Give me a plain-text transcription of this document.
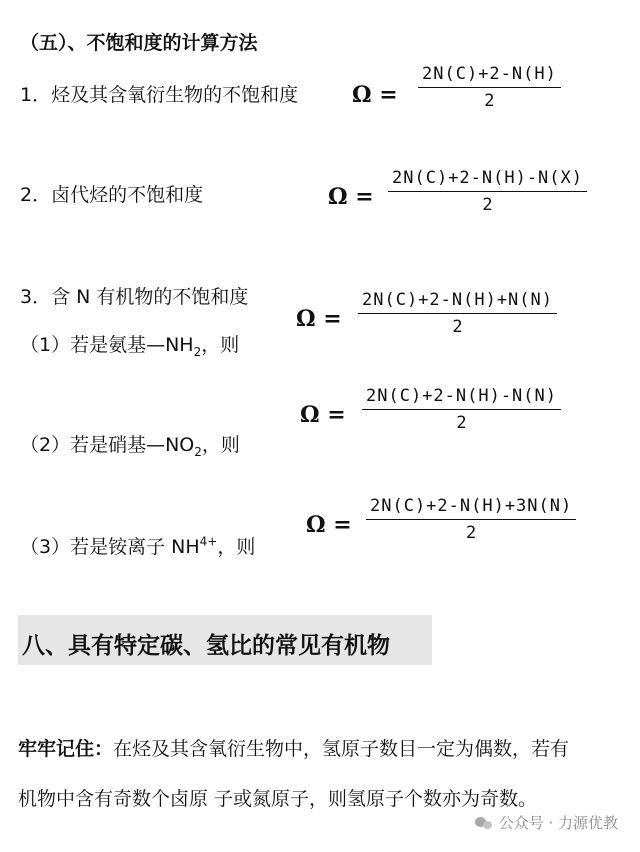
（五）、不饱和度的计算方法
1．烃及其含氧衍生物的不饱和度 Ω =
2N(C)+2-N(H)
2
2．卤代烃的不饱和度	Ω =
2N(C)+2-N(H)-N(X)
2
3．含 N 有机物的不饱和度
（1）若是氨基$—NH_2$，则
Ω =
2N(C)+2-N(H)+N(N)
2
（2）若是硝基$—NO_2$，则
Ω =
2N(C)+2-N(H)-N(N)
2
（3）若是铵离子 $NH^{4+}$，则
Ω =
2N(C)+2-N(H)+3N(N)
2
八、具有特定碳、氢比的常见有机物
牢牢记住：在烃及其含氧衍生物中，氢原子数目一定为偶数，若有
机物中含有奇数个卤原 子或氮原子，则氢原子个数亦为奇数。
公众号 · 力源优教
